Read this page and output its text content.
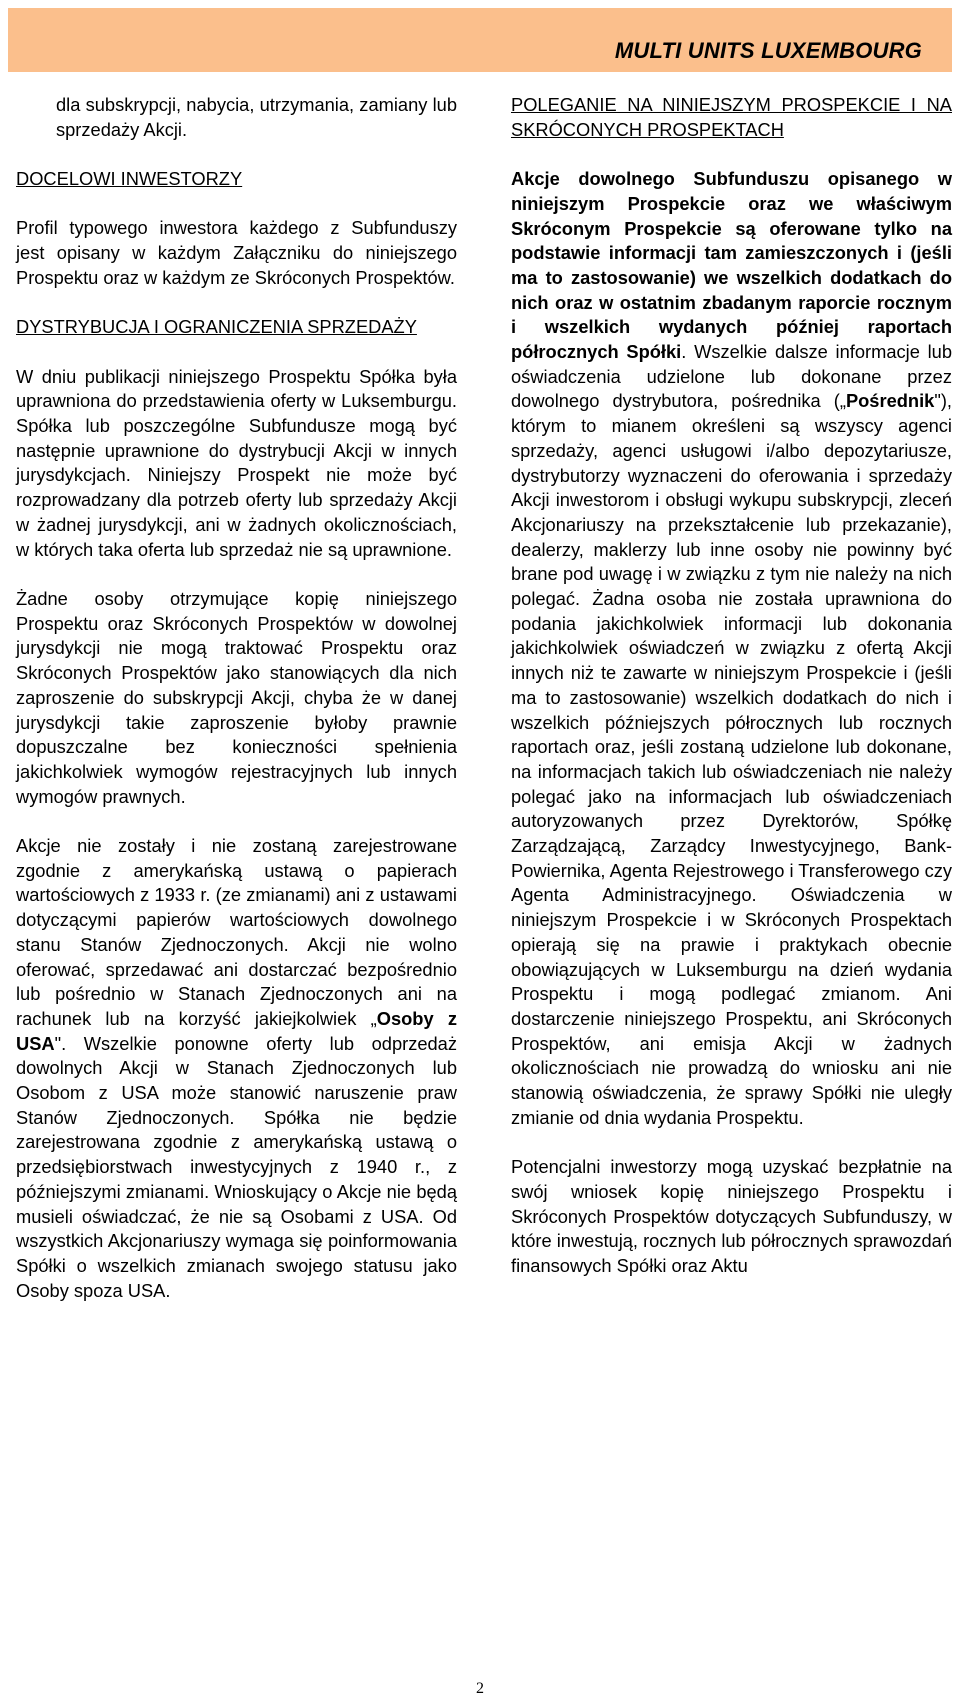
MULTI UNITS LUXEMBOURG

dla subskrypcji, nabycia, utrzymania, zamiany lub sprzedaży Akcji.

DOCELOWI INWESTORZY

Profil typowego inwestora każdego z Subfunduszy jest opisany w każdym Załączniku do niniejszego Prospektu oraz w każdym ze Skróconych Prospektów.

DYSTRYBUCJA I OGRANICZENIA SPRZEDAŻY

W dniu publikacji niniejszego Prospektu Spółka była uprawniona do przedstawienia oferty w Luksemburgu. Spółka lub poszczególne Subfundusze mogą być następnie uprawnione do dystrybucji Akcji w innych jurysdykcjach. Niniejszy Prospekt nie może być rozprowadzany dla potrzeb oferty lub sprzedaży Akcji w żadnej jurysdykcji, ani w żadnych okolicznościach, w których taka oferta lub sprzedaż nie są uprawnione.

Żadne osoby otrzymujące kopię niniejszego Prospektu oraz Skróconych Prospektów w dowolnej jurysdykcji nie mogą traktować Prospektu oraz Skróconych Prospektów jako stanowiących dla nich zaproszenie do subskrypcji Akcji, chyba że w danej jurysdykcji takie zaproszenie byłoby prawnie dopuszczalne bez konieczności spełnienia jakichkolwiek wymogów rejestracyjnych lub innych wymogów prawnych.

Akcje nie zostały i nie zostaną zarejestrowane zgodnie z amerykańską ustawą o papierach wartościowych z 1933 r. (ze zmianami) ani z ustawami dotyczącymi papierów wartościowych dowolnego stanu Stanów Zjednoczonych. Akcji nie wolno oferować, sprzedawać ani dostarczać bezpośrednio lub pośrednio w Stanach Zjednoczonych ani na rachunek lub na korzyść jakiejkolwiek „Osoby z USA". Wszelkie ponowne oferty lub odprzedaż dowolnych Akcji w Stanach Zjednoczonych lub Osobom z USA może stanowić naruszenie praw Stanów Zjednoczonych. Spółka nie będzie zarejestrowana zgodnie z amerykańską ustawą o przedsiębiorstwach inwestycyjnych z 1940 r., z późniejszymi zmianami. Wnioskujący o Akcje nie będą musieli oświadczać, że nie są Osobami z USA. Od wszystkich Akcjonariuszy wymaga się poinformowania Spółki o wszelkich zmianach swojego statusu jako Osoby spoza USA.

POLEGANIE NA NINIEJSZYM PROSPEKCIE I NA SKRÓCONYCH PROSPEKTACH

Akcje dowolnego Subfunduszu opisanego w niniejszym Prospekcie oraz we właściwym Skróconym Prospekcie są oferowane tylko na podstawie informacji tam zamieszczonych i (jeśli ma to zastosowanie) we wszelkich dodatkach do nich oraz w ostatnim zbadanym raporcie rocznym i wszelkich wydanych później raportach półrocznych Spółki. Wszelkie dalsze informacje lub oświadczenia udzielone lub dokonane przez dowolnego dystrybutora, pośrednika („Pośrednik"), którym to mianem określeni są wszyscy agenci sprzedaży, agenci usługowi i/albo depozytariusze, dystrybutorzy wyznaczeni do oferowania i sprzedaży Akcji inwestorom i obsługi wykupu subskrypcji, zleceń Akcjonariuszy na przekształcenie lub przekazanie), dealerzy, maklerzy lub inne osoby nie powinny być brane pod uwagę i w związku z tym nie należy na nich polegać. Żadna osoba nie została uprawniona do podania jakichkolwiek informacji lub dokonania jakichkolwiek oświadczeń w związku z ofertą Akcji innych niż te zawarte w niniejszym Prospekcie i (jeśli ma to zastosowanie) wszelkich dodatkach do nich i wszelkich późniejszych półrocznych lub rocznych raportach oraz, jeśli zostaną udzielone lub dokonane, na informacjach takich lub oświadczeniach nie należy polegać jako na informacjach lub oświadczeniach autoryzowanych przez Dyrektorów, Spółkę Zarządzającą, Zarządcy Inwestycyjnego, Bank-Powiernika, Agenta Rejestrowego i Transferowego czy Agenta Administracyjnego. Oświadczenia w niniejszym Prospekcie i w Skróconych Prospektach opierają się na prawie i praktykach obecnie obowiązujących w Luksemburgu na dzień wydania Prospektu i mogą podlegać zmianom. Ani dostarczenie niniejszego Prospektu, ani Skróconych Prospektów, ani emisja Akcji w żadnych okolicznościach nie prowadzą do wniosku ani nie stanowią oświadczenia, że sprawy Spółki nie uległy zmianie od dnia wydania Prospektu.

Potencjalni inwestorzy mogą uzyskać bezpłatnie na swój wniosek kopię niniejszego Prospektu i Skróconych Prospektów dotyczących Subfunduszy, w które inwestują, rocznych lub półrocznych sprawozdań finansowych Spółki oraz Aktu

2
